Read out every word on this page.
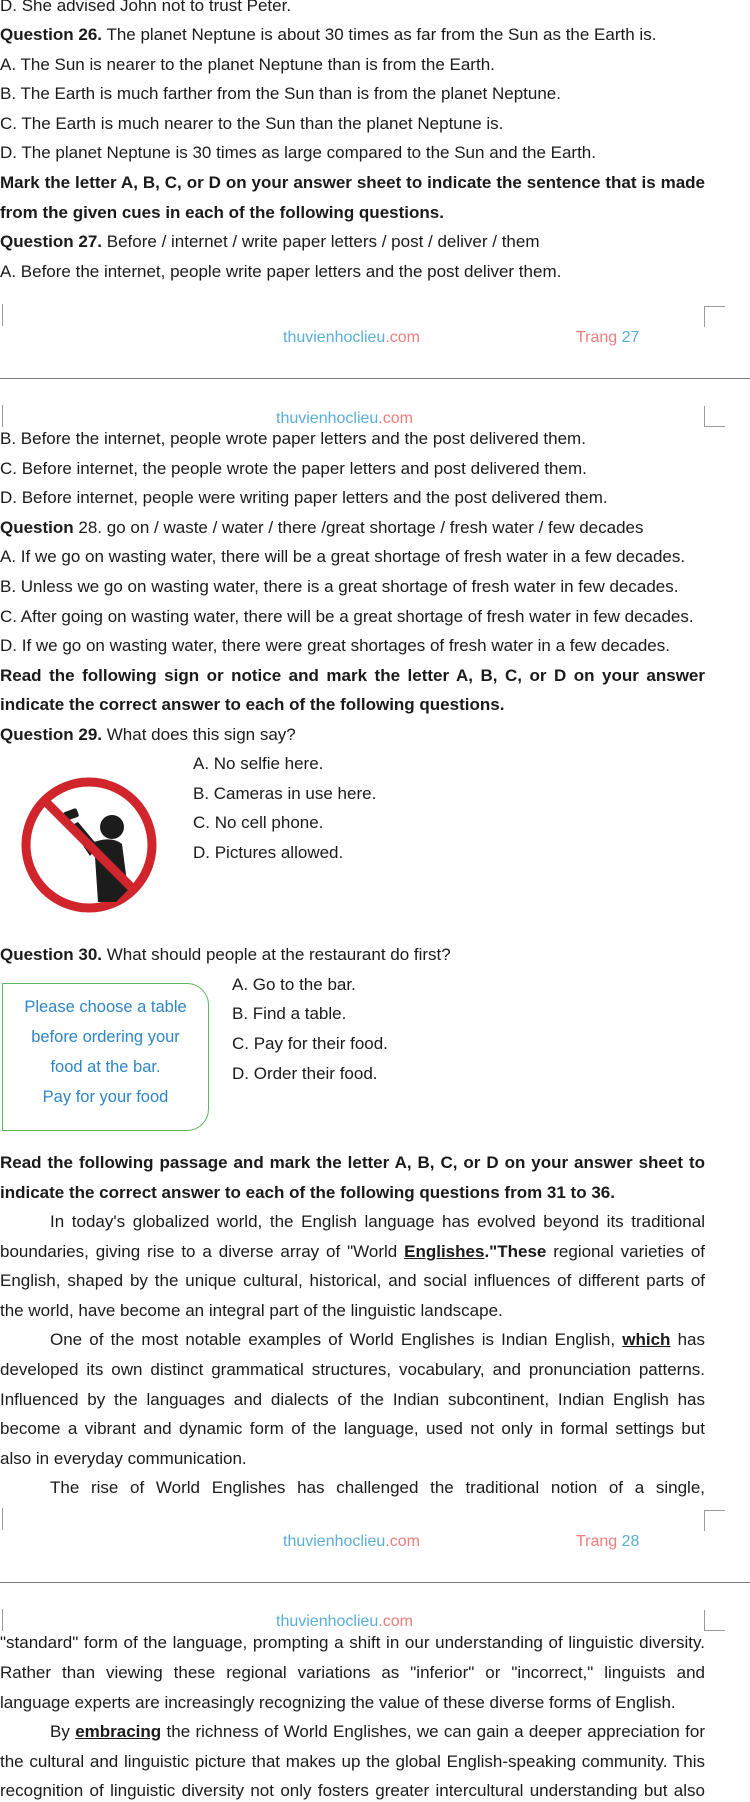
D. She advised John not to trust Peter.
Question 26. The planet Neptune is about 30 times as far from the Sun as the Earth is.
A. The Sun is nearer to the planet Neptune than is from the Earth.
B. The Earth is much farther from the Sun than is from the planet Neptune.
C. The Earth is much nearer to the Sun than the planet Neptune is.
D. The planet Neptune is 30 times as large compared to the Sun and the Earth.
Mark the letter A, B, C, or D on your answer sheet to indicate the sentence that is made
from the given cues in each of the following questions.
Question 27. Before / internet / write paper letters / post / deliver / them
A. Before the internet, people write paper letters and the post deliver them.
thuvienhoclieu.com	Trang 27
thuvienhoclieu.com
B. Before the internet, people wrote paper letters and the post delivered them.
C. Before internet, the people wrote the paper letters and post delivered them.
D. Before internet, people were writing paper letters and the post delivered them.
Question 28. go on / waste / water / there /great shortage / fresh water / few decades
A. If we go on wasting water, there will be a great shortage of fresh water in a few decades.
B. Unless we go on wasting water, there is a great shortage of fresh water in few decades.
C. After going on wasting water, there will be a great shortage of fresh water in few decades.
D. If we go on wasting water, there were great shortages of fresh water in a few decades.
Read the following sign or notice and mark the letter A, B, C, or D on your answer
indicate the correct answer to each of the following questions.
Question 29. What does this sign say?
A. No selfie here.
B. Cameras in use here.
C. No cell phone.
D. Pictures allowed.
Question 30. What should people at the restaurant do first?
Please choose a table
before ordering your
food at the bar.
Pay for your food
A. Go to the bar.
B. Find a table.
C. Pay for their food.
D. Order their food.
Read the following passage and mark the letter A, B, C, or D on your answer sheet to
indicate the correct answer to each of the following questions from 31 to 36.
In today's globalized world, the English language has evolved beyond its traditional
boundaries, giving rise to a diverse array of "World Englishes."These regional varieties of
English, shaped by the unique cultural, historical, and social influences of different parts of
the world, have become an integral part of the linguistic landscape.
One of the most notable examples of World Englishes is Indian English, which has
developed its own distinct grammatical structures, vocabulary, and pronunciation patterns.
Influenced by the languages and dialects of the Indian subcontinent, Indian English has
become a vibrant and dynamic form of the language, used not only in formal settings but
also in everyday communication.
The rise of World Englishes has challenged the traditional notion of a single,
thuvienhoclieu.com	Trang 28
thuvienhoclieu.com
"standard" form of the language, prompting a shift in our understanding of linguistic diversity.
Rather than viewing these regional variations as "inferior" or "incorrect," linguists and
language experts are increasingly recognizing the value of these diverse forms of English.
By embracing the richness of World Englishes, we can gain a deeper appreciation for
the cultural and linguistic picture that makes up the global English-speaking community. This
recognition of linguistic diversity not only fosters greater intercultural understanding but also
